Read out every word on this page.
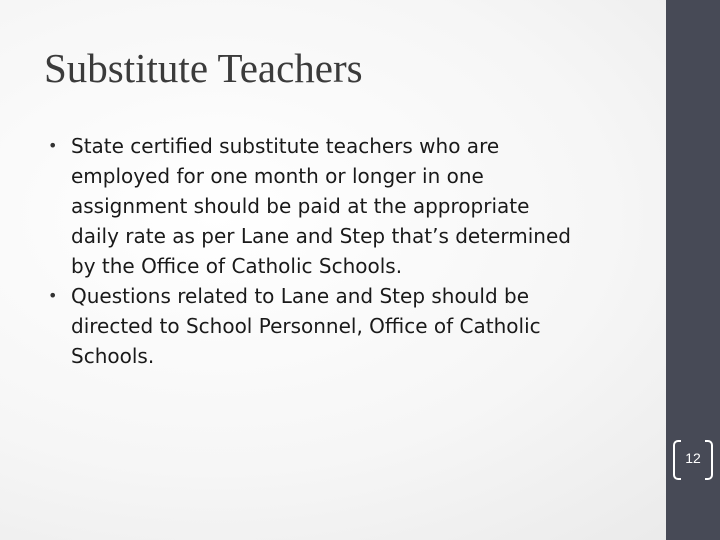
Substitute Teachers
• State certified substitute teachers who are
employed for one month or longer in one
assignment should be paid at the appropriate
daily rate as per Lane and Step that’s determined
by the Office of Catholic Schools.
• Questions related to Lane and Step should be
directed to School Personnel, Office of Catholic
Schools.
12
